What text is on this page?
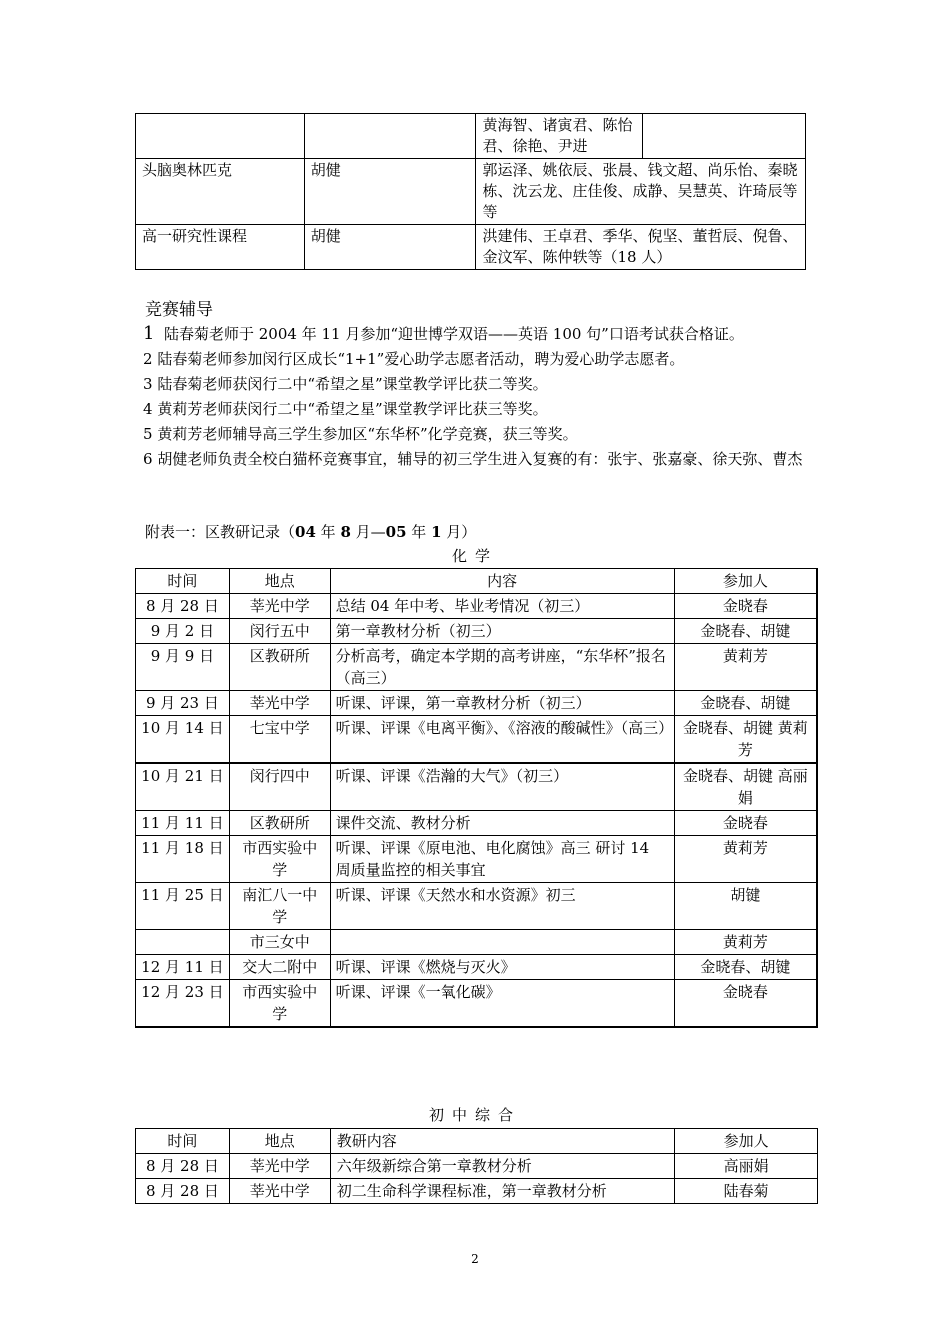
		黄海智、诸寅君、陈怡君、徐艳、尹进	
头脑奥林匹克	胡健	郭运泽、姚依辰、张晨、钱文超、尚乐怡、秦晓栋、沈云龙、庄佳俊、成静、吴慧英、许琦辰等等	
高一研究性课程	胡健	洪建伟、王卓君、季华、倪坚、董哲辰、倪鲁、金汶军、陈仲轶等（18 人）	
竞赛辅导

1 陆春菊老师于 2004 年 11 月参加“迎世博学双语——英语 100 句”口语考试获合格证。

2 陆春菊老师参加闵行区成长“1+1”爱心助学志愿者活动，聘为爱心助学志愿者。

3 陆春菊老师获闵行二中“希望之星”课堂教学评比获二等奖。

4 黄莉芳老师获闵行二中“希望之星”课堂教学评比获三等奖。

5 黄莉芳老师辅导高三学生参加区“东华杯”化学竞赛，获三等奖。

6 胡健老师负责全校白猫杯竞赛事宜，辅导的初三学生进入复赛的有：张宇、张嘉豪、徐天弥、曹杰

附表一：区教研记录（04 年 8 月—05 年 1 月）
化学
时间	地点	内容	参加人
8 月 28 日	莘光中学	总结 04 年中考、毕业考情况（初三）	金晓春
9 月 2 日	闵行五中	第一章教材分析（初三）	金晓春、胡键
9 月 9 日	区教研所	分析高考，确定本学期的高考讲座，“东华杯”报名（高三）	黄莉芳
9 月 23 日	莘光中学	听课、评课，第一章教材分析（初三）	金晓春、胡键
10 月 14 日	七宝中学	听课、评课《电离平衡》、《溶液的酸碱性》（高三）	金晓春、胡键 黄莉芳
10 月 21 日	闵行四中	听课、评课《浩瀚的大气》（初三）	金晓春、胡键 高丽娟
11 月 11 日	区教研所	课件交流、教材分析	金晓春
11 月 18 日	市西实验中学	听课、评课《原电池、电化腐蚀》高三 研讨 14 周质量监控的相关事宜	黄莉芳
11 月 25 日	南汇八一中学	听课、评课《天然水和水资源》初三	胡键
	市三女中		黄莉芳
12 月 11 日	交大二附中	听课、评课《燃烧与灭火》	金晓春、胡键
12 月 23 日	市西实验中学	听课、评课《一氧化碳》	金晓春
初中综合
时间	地点	教研内容	参加人
8 月 28 日	莘光中学	六年级新综合第一章教材分析	高丽娟
8 月 28 日	莘光中学	初二生命科学课程标准，第一章教材分析	陆春菊
2
